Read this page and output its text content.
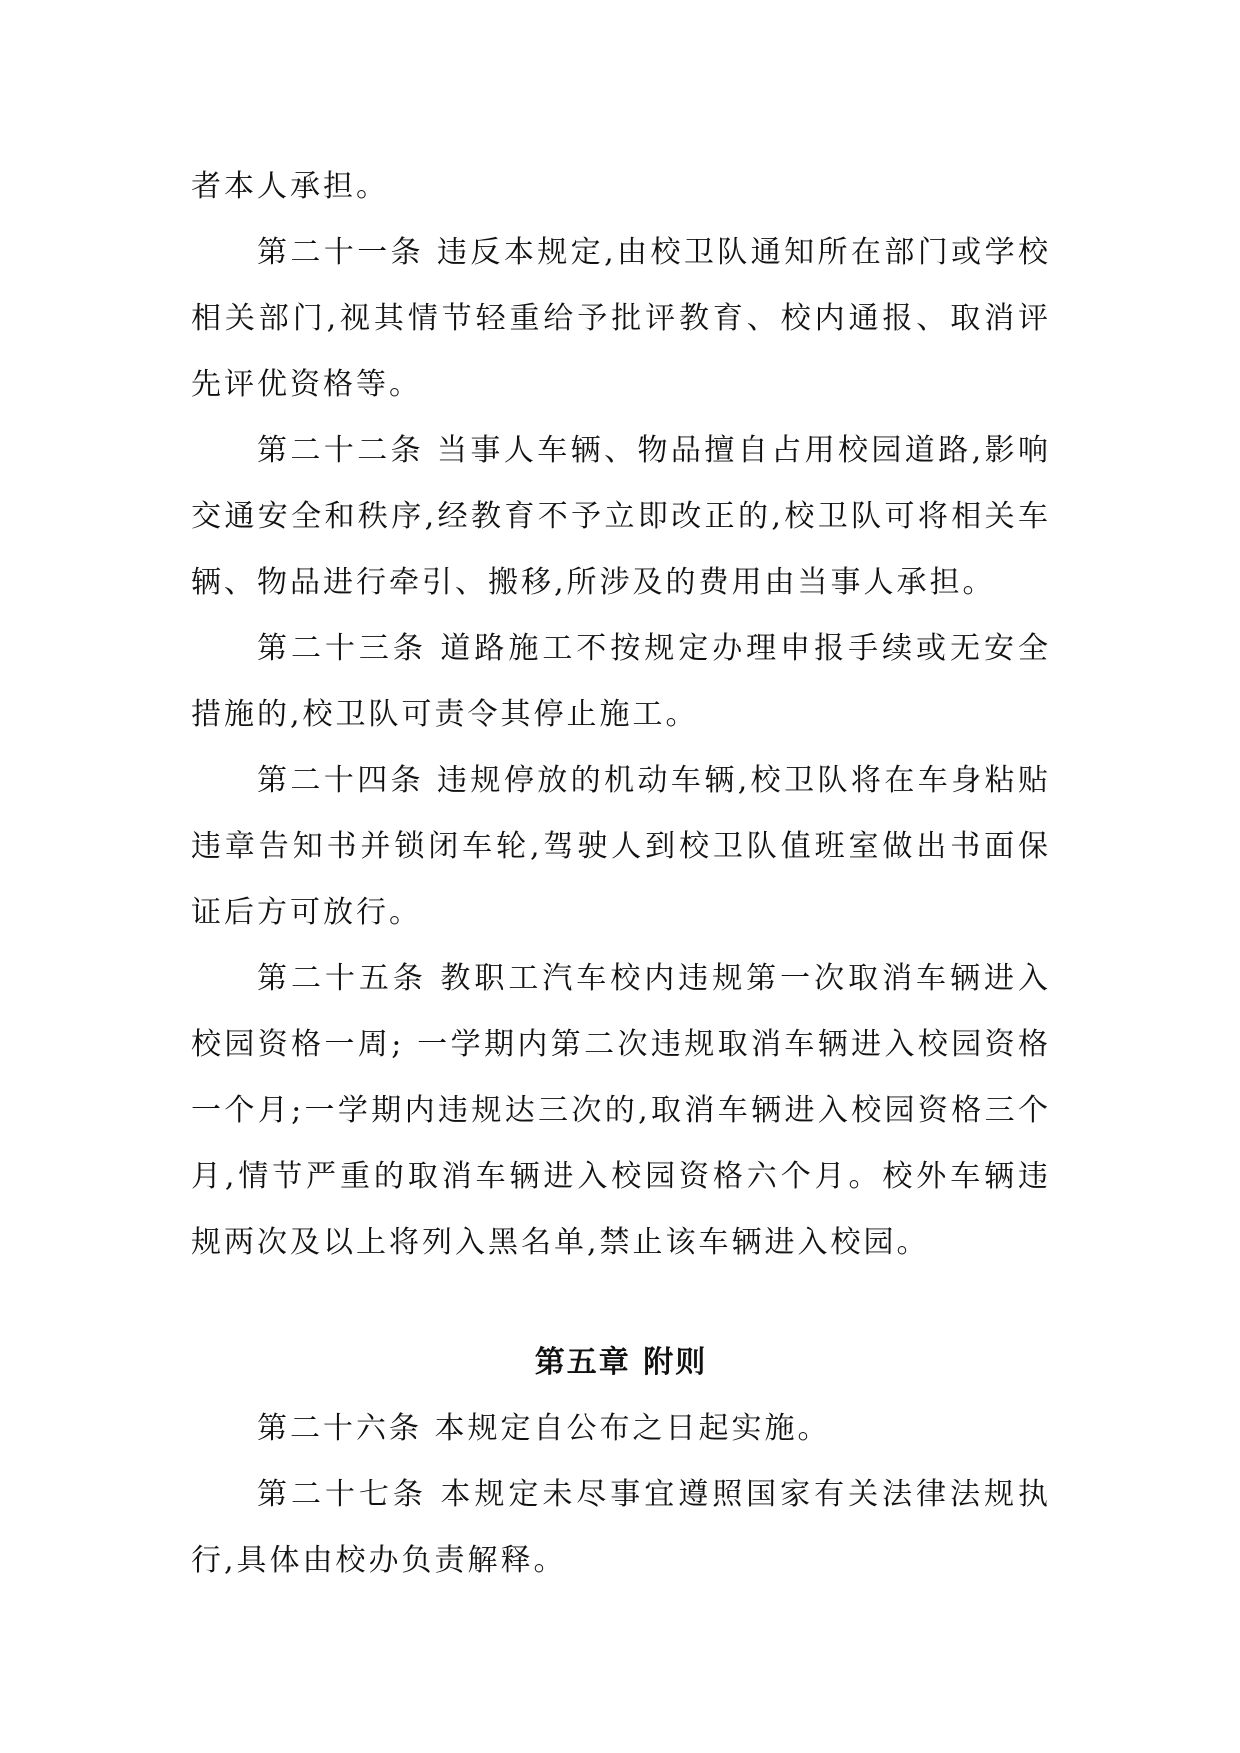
者本人承担。

第二十一条 违反本规定,由校卫队通知所在部门或学校相关部门,视其情节轻重给予批评教育、校内通报、取消评先评优资格等。

第二十二条 当事人车辆、物品擅自占用校园道路,影响交通安全和秩序,经教育不予立即改正的,校卫队可将相关车辆、物品进行牵引、搬移,所涉及的费用由当事人承担。

第二十三条 道路施工不按规定办理申报手续或无安全措施的,校卫队可责令其停止施工。

第二十四条 违规停放的机动车辆,校卫队将在车身粘贴违章告知书并锁闭车轮,驾驶人到校卫队值班室做出书面保证后方可放行。

第二十五条 教职工汽车校内违规第一次取消车辆进入校园资格一周; 一学期内第二次违规取消车辆进入校园资格一个月;一学期内违规达三次的,取消车辆进入校园资格三个月,情节严重的取消车辆进入校园资格六个月。校外车辆违规两次及以上将列入黑名单,禁止该车辆进入校园。

第五章 附则

第二十六条 本规定自公布之日起实施。

第二十七条 本规定未尽事宜遵照国家有关法律法规执行,具体由校办负责解释。
